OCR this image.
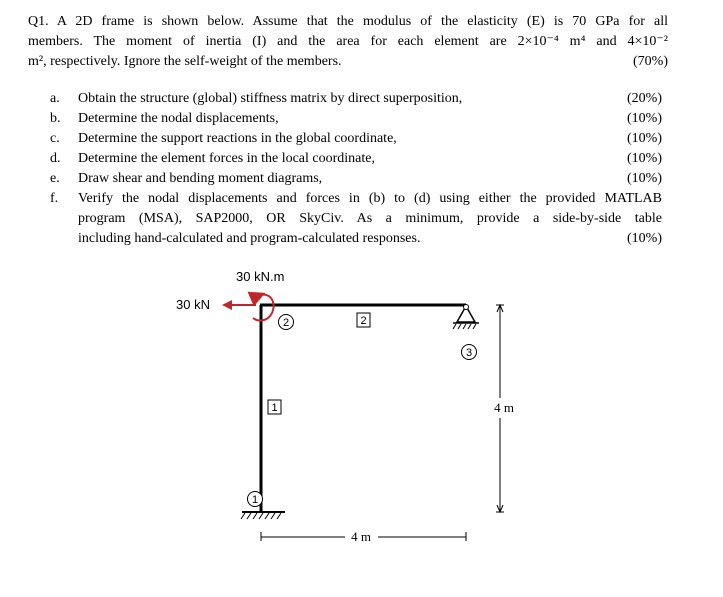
Q1. A 2D frame is shown below. Assume that the modulus of the elasticity (E) is 70 GPa for all
members. The moment of inertia (I) and the area for each element are 2×10⁻⁴ m⁴ and 4×10⁻²
m², respectively. Ignore the self-weight of the members.	(70%)
a.	Obtain the structure (global) stiffness matrix by direct superposition,	(20%)
b.	Determine the nodal displacements,	(10%)
c.	Determine the support reactions in the global coordinate,	(10%)
d.	Determine the element forces in the local coordinate,	(10%)
e.	Draw shear and bending moment diagrams,	(10%)
f.	Verify the nodal displacements and forces in (b) to (d) using either the provided MATLAB
program (MSA), SAP2000, OR SkyCiv. As a minimum, provide a side-by-side table
including hand-calculated and program-calculated responses.	(10%)
30 kN.m
30 kN
1
2
3
1
2
4 m
4 m
